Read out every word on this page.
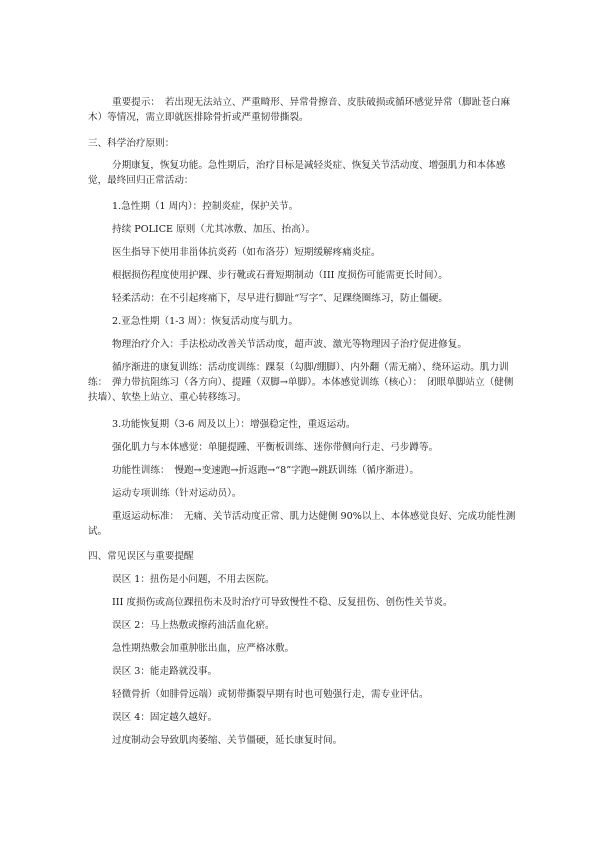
重要提示：　若出现无法站立、严重畸形、异常骨擦音、皮肤破损或循环感觉异常（脚趾苍白麻木）等情况，需立即就医排除骨折或严重韧带撕裂。

三、科学治疗原则：

分期康复，恢复功能。急性期后，治疗目标是减轻炎症、恢复关节活动度、增强肌力和本体感觉，最终回归正常活动：

1.急性期（1 周内）：控制炎症，保护关节。

持续 POLICE 原则（尤其冰敷、加压、抬高）。

医生指导下使用非甾体抗炎药（如布洛芬）短期缓解疼痛炎症。

根据损伤程度使用护踝、步行靴或石膏短期制动（III 度损伤可能需更长时间）。

轻柔活动：在不引起疼痛下，尽早进行脚趾“写字”、足踝绕圈练习，防止僵硬。

2.亚急性期（1-3 周）：恢复活动度与肌力。

物理治疗介入：手法松动改善关节活动度，超声波、激光等物理因子治疗促进修复。

循序渐进的康复训练：活动度训练：踝泵（勾脚/绷脚）、内外翻（需无痛）、绕环运动。肌力训练：　弹力带抗阻练习（各方向）、提踵（双脚→单脚）。本体感觉训练（核心）：　闭眼单脚站立（健侧扶墙）、软垫上站立、重心转移练习。

3.功能恢复期（3-6 周及以上）：增强稳定性，重返运动。

强化肌力与本体感觉：单腿提踵、平衡板训练、迷你带侧向行走、弓步蹲等。

功能性训练：　慢跑→变速跑→折返跑→“8”字跑→跳跃训练（循序渐进）。

运动专项训练（针对运动员）。

重返运动标准：　无痛、关节活动度正常、肌力达健侧 90%以上、本体感觉良好、完成功能性测试。

四、常见误区与重要提醒

误区 1：扭伤是小问题，不用去医院。

III 度损伤或高位踝扭伤未及时治疗可导致慢性不稳、反复扭伤、创伤性关节炎。

误区 2：马上热敷或擦药油活血化瘀。

急性期热敷会加重肿胀出血，应严格冰敷。

误区 3：能走路就没事。

轻微骨折（如腓骨远端）或韧带撕裂早期有时也可勉强行走，需专业评估。

误区 4：固定越久越好。

过度制动会导致肌肉萎缩、关节僵硬，延长康复时间。
